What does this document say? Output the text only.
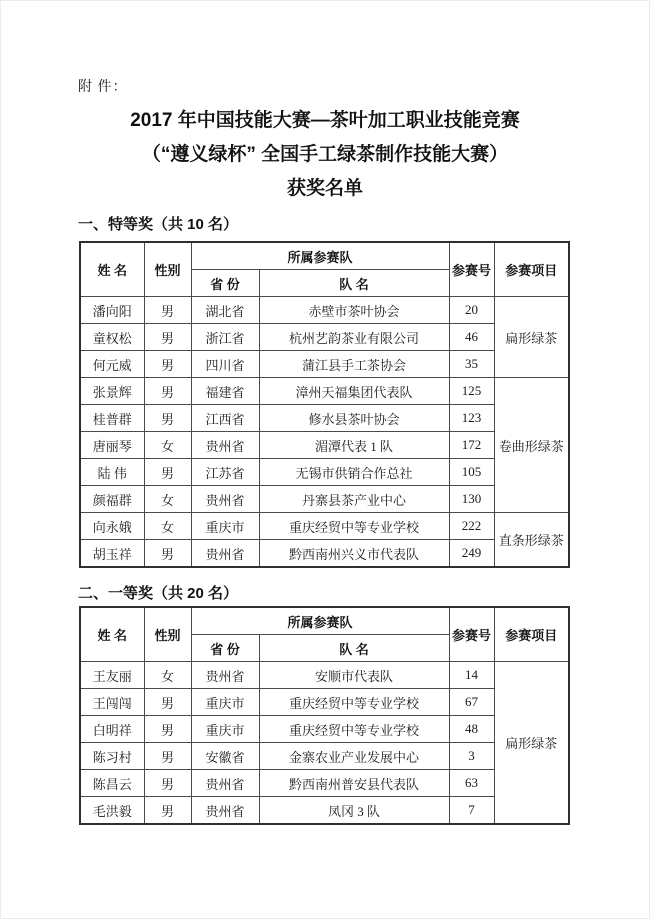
附 件：
2017 年中国技能大赛—茶叶加工职业技能竞赛
（“遵义绿杯” 全国手工绿茶制作技能大赛）
获奖名单
一、特等奖（共 10 名）
姓 名	性别	所属参赛队		参赛号	参赛项目
		省 份	队 名		
潘向阳	男	湖北省	赤壁市茶叶协会	20	扁形绿茶
童权松	男	浙江省	杭州艺韵茶业有限公司	46	
何元威	男	四川省	蒲江县手工茶协会	35	
张景辉	男	福建省	漳州天福集团代表队	125	卷曲形绿茶
桂普群	男	江西省	修水县茶叶协会	123	
唐丽琴	女	贵州省	湄潭代表 1 队	172	
陆 伟	男	江苏省	无锡市供销合作总社	105	
颜福群	女	贵州省	丹寨县茶产业中心	130	
向永娥	女	重庆市	重庆经贸中等专业学校	222	直条形绿茶
胡玉祥	男	贵州省	黔西南州兴义市代表队	249	
二、一等奖（共 20 名）
姓 名	性别	所属参赛队		参赛号	参赛项目
		省 份	队 名		
王友丽	女	贵州省	安顺市代表队	14	扁形绿茶
王闯闯	男	重庆市	重庆经贸中等专业学校	67	
白明祥	男	重庆市	重庆经贸中等专业学校	48	
陈习村	男	安徽省	金寨农业产业发展中心	3	
陈昌云	男	贵州省	黔西南州普安县代表队	63	
毛洪毅	男	贵州省	凤冈 3 队	7	
